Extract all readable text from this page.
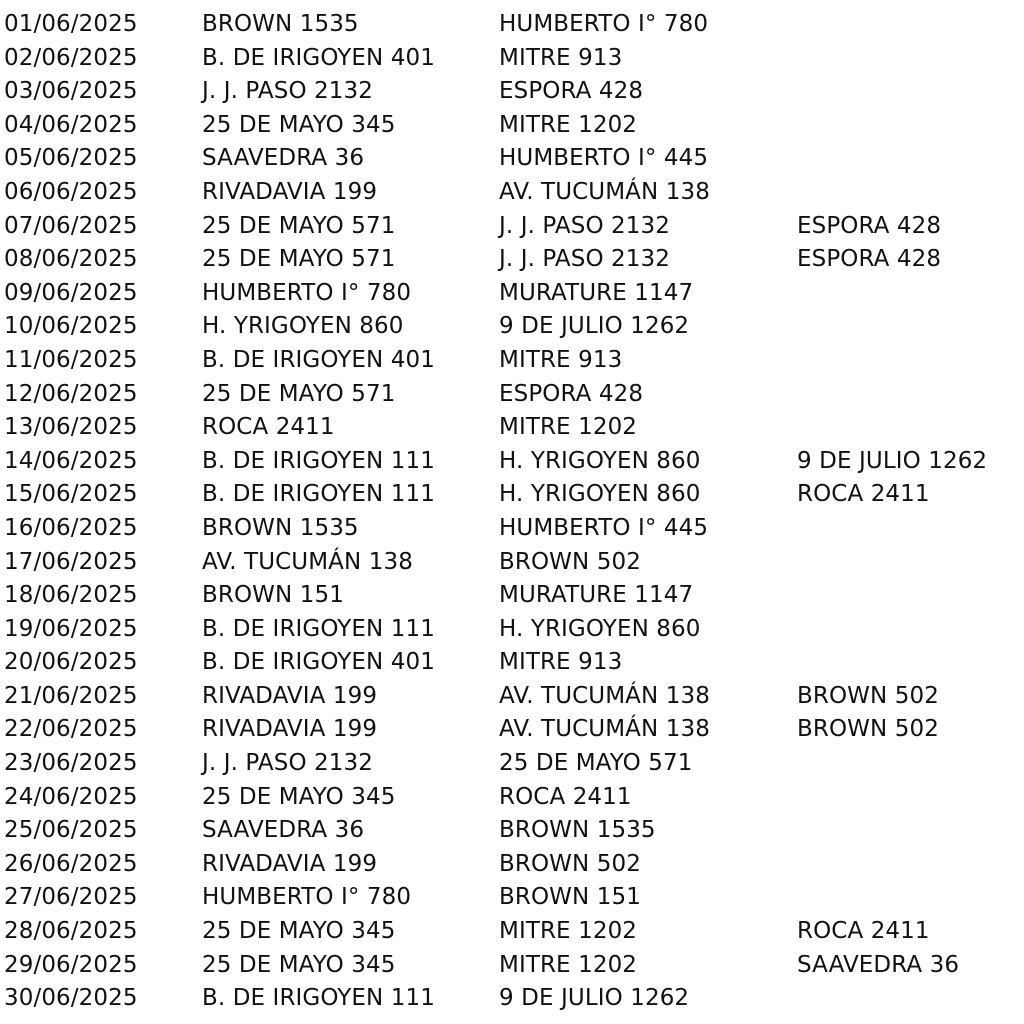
01/06/2025	BROWN 1535	HUMBERTO I° 780
02/06/2025	B. DE IRIGOYEN 401	MITRE 913
03/06/2025	J. J. PASO 2132	ESPORA 428
04/06/2025	25 DE MAYO 345	MITRE 1202
05/06/2025	SAAVEDRA 36	HUMBERTO I° 445
06/06/2025	RIVADAVIA 199	AV. TUCUMÁN 138
07/06/2025	25 DE MAYO 571	J. J. PASO 2132	ESPORA 428
08/06/2025	25 DE MAYO 571	J. J. PASO 2132	ESPORA 428
09/06/2025	HUMBERTO I° 780	MURATURE 1147
10/06/2025	H. YRIGOYEN 860	9 DE JULIO 1262
11/06/2025	B. DE IRIGOYEN 401	MITRE 913
12/06/2025	25 DE MAYO 571	ESPORA 428
13/06/2025	ROCA 2411	MITRE 1202
14/06/2025	B. DE IRIGOYEN 111	H. YRIGOYEN 860	9 DE JULIO 1262
15/06/2025	B. DE IRIGOYEN 111	H. YRIGOYEN 860	ROCA 2411
16/06/2025	BROWN 1535	HUMBERTO I° 445
17/06/2025	AV. TUCUMÁN 138	BROWN 502
18/06/2025	BROWN 151	MURATURE 1147
19/06/2025	B. DE IRIGOYEN 111	H. YRIGOYEN 860
20/06/2025	B. DE IRIGOYEN 401	MITRE 913
21/06/2025	RIVADAVIA 199	AV. TUCUMÁN 138	BROWN 502
22/06/2025	RIVADAVIA 199	AV. TUCUMÁN 138	BROWN 502
23/06/2025	J. J. PASO 2132	25 DE MAYO 571
24/06/2025	25 DE MAYO 345	ROCA 2411
25/06/2025	SAAVEDRA 36	BROWN 1535
26/06/2025	RIVADAVIA 199	BROWN 502
27/06/2025	HUMBERTO I° 780	BROWN 151
28/06/2025	25 DE MAYO 345	MITRE 1202	ROCA 2411
29/06/2025	25 DE MAYO 345	MITRE 1202	SAAVEDRA 36
30/06/2025	B. DE IRIGOYEN 111	9 DE JULIO 1262
